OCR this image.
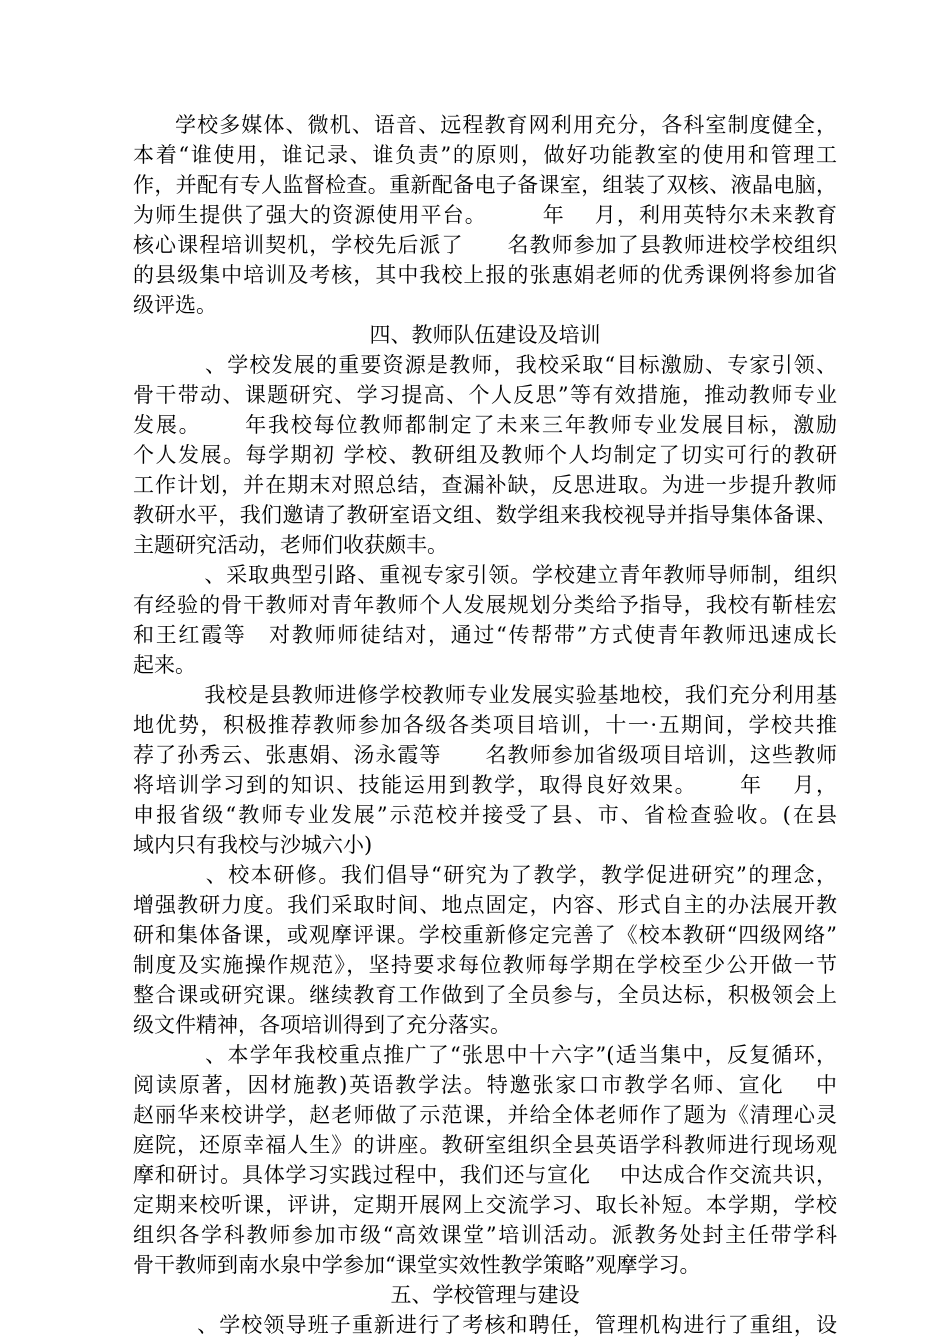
学校多媒体、微机、语音、远程教育网利用充分，各科室制度健全，
本着“谁使用，谁记录、谁负责”的原则，做好功能教室的使用和管理工
作，并配有专人监督检查。重新配备电子备课室，组装了双核、液晶电脑，
为师生提供了强大的资源使用平台。　　　年　 月，利用英特尔未来教育
核心课程培训契机，学校先后派了　　名教师参加了县教师进校学校组织
的县级集中培训及考核，其中我校上报的张惠娟老师的优秀课例将参加省
级评选。
四、教师队伍建设及培训
　 、学校发展的重要资源是教师，我校采取“目标激励、专家引领、
骨干带动、课题研究、学习提高、个人反思”等有效措施，推动教师专业
发展。　　 年我校每位教师都制定了未来三年教师专业发展目标，激励
个人发展。每学期初 学校、教研组及教师个人均制定了切实可行的教研
工作计划，并在期末对照总结，查漏补缺，反思进取。为进一步提升教师
教研水平，我们邀请了教研室语文组、数学组来我校视导并指导集体备课、
主题研究活动，老师们收获颇丰。
　 、采取典型引路、重视专家引领。学校建立青年教师导师制，组织
有经验的骨干教师对青年教师个人发展规划分类给予指导，我校有靳桂宏
和王红霞等　对教师师徒结对，通过“传帮带”方式使青年教师迅速成长
起来。
　 我校是县教师进修学校教师专业发展实验基地校，我们充分利用基
地优势，积极推荐教师参加各级各类项目培训，十一·五期间，学校共推
荐了孙秀云、张惠娟、汤永霞等　　名教师参加省级项目培训，这些教师
将培训学习到的知识、技能运用到教学，取得良好效果。　　 年　 月，
申报省级“教师专业发展”示范校并接受了县、市、省检查验收。(在县
域内只有我校与沙城六小)
　 、校本研修。我们倡导“研究为了教学，教学促进研究”的理念，
增强教研力度。我们采取时间、地点固定，内容、形式自主的办法展开教
研和集体备课，或观摩评课。学校重新修定完善了《校本教研“四级网络”
制度及实施操作规范》，坚持要求每位教师每学期在学校至少公开做一节
整合课或研究课。继续教育工作做到了全员参与，全员达标，积极领会上
级文件精神，各项培训得到了充分落实。
　 、本学年我校重点推广了“张思中十六字”(适当集中，反复循环，
阅读原著，因材施教)英语教学法。特邀张家口市教学名师、宣化　 中
赵丽华来校讲学，赵老师做了示范课，并给全体老师作了题为《清理心灵
庭院，还原幸福人生》的讲座。教研室组织全县英语学科教师进行现场观
摩和研讨。具体学习实践过程中，我们还与宣化　 中达成合作交流共识，
定期来校听课，评讲，定期开展网上交流学习、取长补短。本学期，学校
组织各学科教师参加市级“高效课堂”培训活动。派教务处封主任带学科
骨干教师到南水泉中学参加“课堂实效性教学策略”观摩学习。
五、学校管理与建设
　、学校领导班子重新进行了考核和聘任，管理机构进行了重组，设
